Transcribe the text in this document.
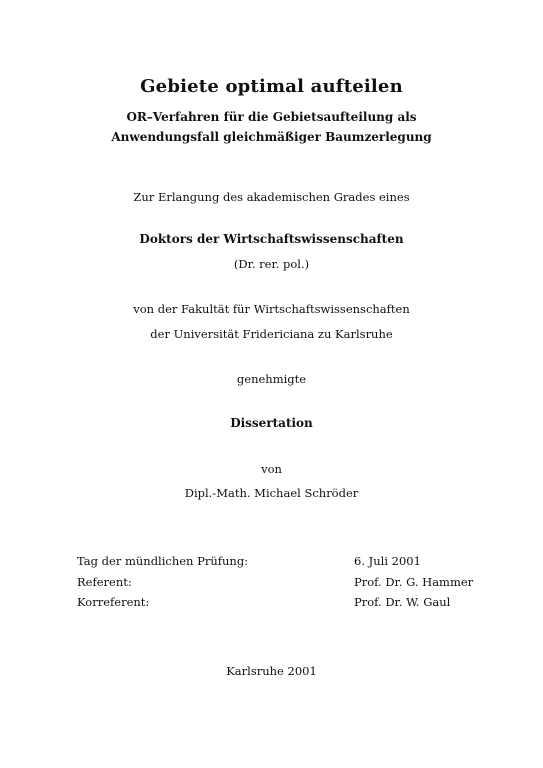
Gebiete optimal aufteilen
OR–Verfahren für die Gebietsaufteilung als
Anwendungsfall gleichmäßiger Baumzerlegung
Zur Erlangung des akademischen Grades eines
Doktors der Wirtschaftswissenschaften
(Dr. rer. pol.)
von der Fakultät für Wirtschaftswissenschaften
der Universität Fridericiana zu Karlsruhe
genehmigte
Dissertation
von
Dipl.-Math. Michael Schröder
Tag der mündlichen Prüfung:	6. Juli 2001
Referent:	Prof. Dr. G. Hammer
Korreferent:	Prof. Dr. W. Gaul
Karlsruhe 2001
